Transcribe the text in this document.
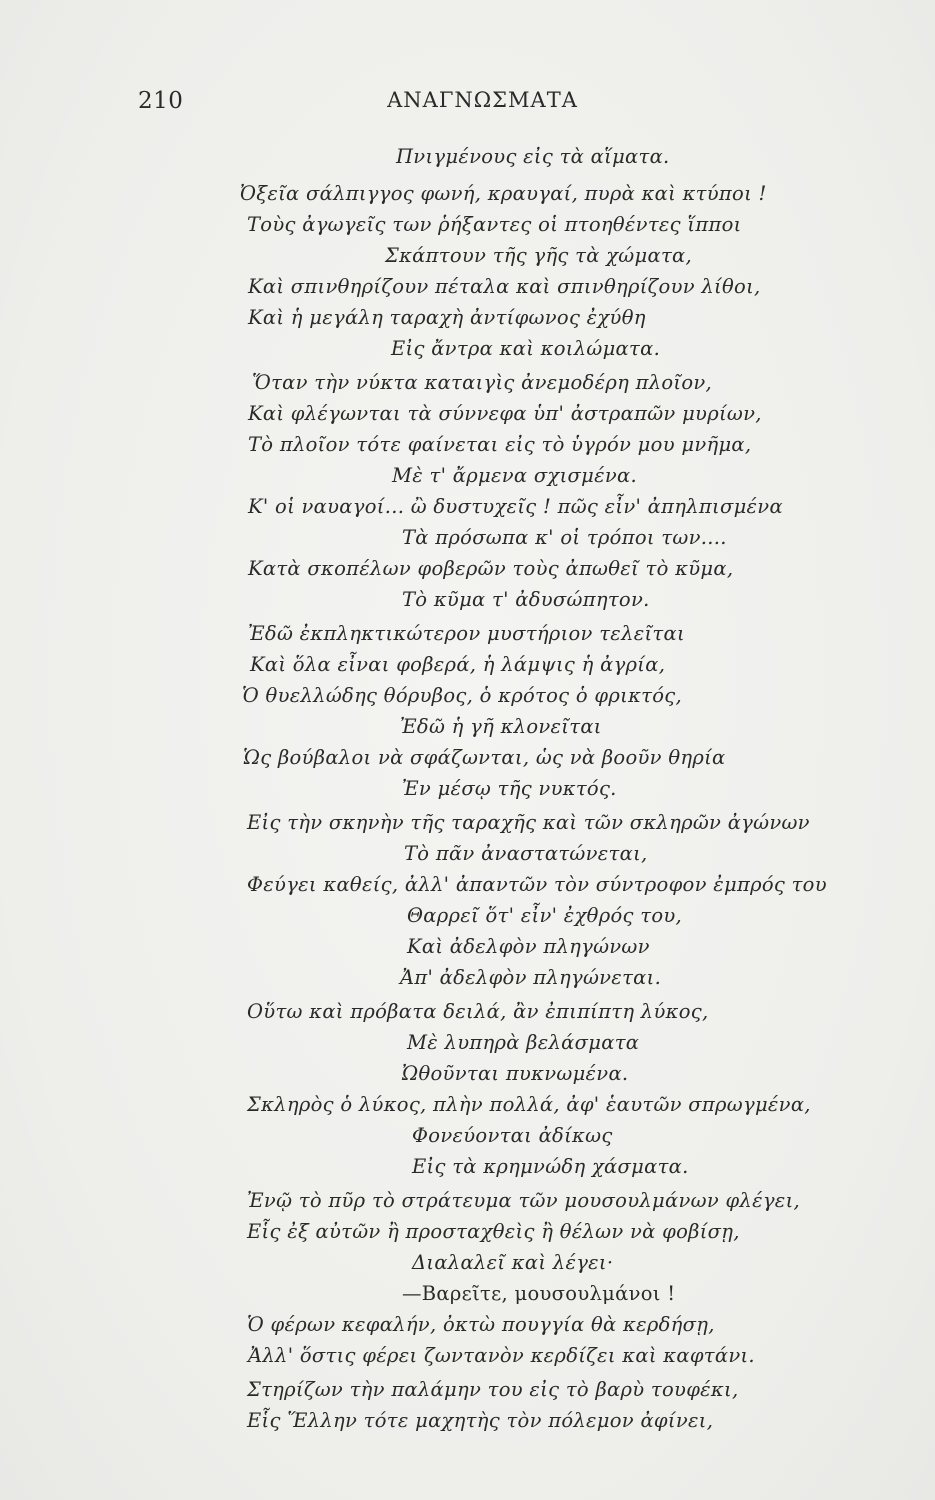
210	ΑΝΑΓΝΩΣΜΑΤΑ
Πνιγμένους εἰς τὰ αἵματα.
Ὀξεῖα σάλπιγγος φωνή, κραυγαί, πυρὰ καὶ κτύποι !
Τοὺς ἀγωγεῖς των ῥήξαντες οἱ πτοηθέντες ἵπποι
Σκάπτουν τῆς γῆς τὰ χώματα,
Καὶ σπινθηρίζουν πέταλα καὶ σπινθηρίζουν λίθοι,
Καὶ ἡ μεγάλη ταραχὴ ἀντίφωνος ἐχύθη
Εἰς ἄντρα καὶ κοιλώματα.
Ὅταν τὴν νύκτα καταιγὶς ἀνεμοδέρη πλοῖον,
Καὶ φλέγωνται τὰ σύννεφα ὑπ' ἀστραπῶν μυρίων,
Τὸ πλοῖον τότε φαίνεται εἰς τὸ ὑγρόν μου μνῆμα,
Μὲ τ' ἄρμενα σχισμένα.
Κ' οἱ ναυαγοί... ὢ δυστυχεῖς ! πῶς εἶν' ἀπηλπισμένα
Τὰ πρόσωπα κ' οἱ τρόποι των....
Κατὰ σκοπέλων φοβερῶν τοὺς ἀπωθεῖ τὸ κῦμα,
Τὸ κῦμα τ' ἀδυσώπητον.
Ἐδῶ ἐκπληκτικώτερον μυστήριον τελεῖται
Καὶ ὅλα εἶναι φοβερά, ἡ λάμψις ἡ ἀγρία,
Ὁ θυελλώδης θόρυβος, ὁ κρότος ὁ φρικτός,
Ἐδῶ ἡ γῆ κλονεῖται
Ὡς βούβαλοι νὰ σφάζωνται, ὡς νὰ βοοῦν θηρία
Ἐν μέσῳ τῆς νυκτός.
Εἰς τὴν σκηνὴν τῆς ταραχῆς καὶ τῶν σκληρῶν ἀγώνων
Τὸ πᾶν ἀναστατώνεται,
Φεύγει καθείς, ἀλλ' ἀπαντῶν τὸν σύντροφον ἐμπρός του
Θαρρεῖ ὅτ' εἶν' ἐχθρός του,
Καὶ ἀδελφὸν πληγώνων
Ἀπ' ἀδελφὸν πληγώνεται.
Οὕτω καὶ πρόβατα δειλά, ἂν ἐπιπίπτη λύκος,
Μὲ λυπηρὰ βελάσματα
Ὠθοῦνται πυκνωμένα.
Σκληρὸς ὁ λύκος, πλὴν πολλά, ἀφ' ἑαυτῶν σπρωγμένα,
Φονεύονται ἀδίκως
Εἰς τὰ κρημνώδη χάσματα.
Ἐνῷ τὸ πῦρ τὸ στράτευμα τῶν μουσουλμάνων φλέγει,
Εἷς ἐξ αὐτῶν ἢ προσταχθεὶς ἢ θέλων νὰ φοβίσῃ,
Διαλαλεῖ καὶ λέγει·
—Βαρεῖτε, μουσουλμάνοι !
Ὁ φέρων κεφαλήν, ὀκτὼ πουγγία θὰ κερδήσῃ,
Ἀλλ' ὅστις φέρει ζωντανὸν κερδίζει καὶ καφτάνι.
Στηρίζων τὴν παλάμην του εἰς τὸ βαρὺ τουφέκι,
Εἷς Ἕλλην τότε μαχητὴς τὸν πόλεμον ἀφίνει,
